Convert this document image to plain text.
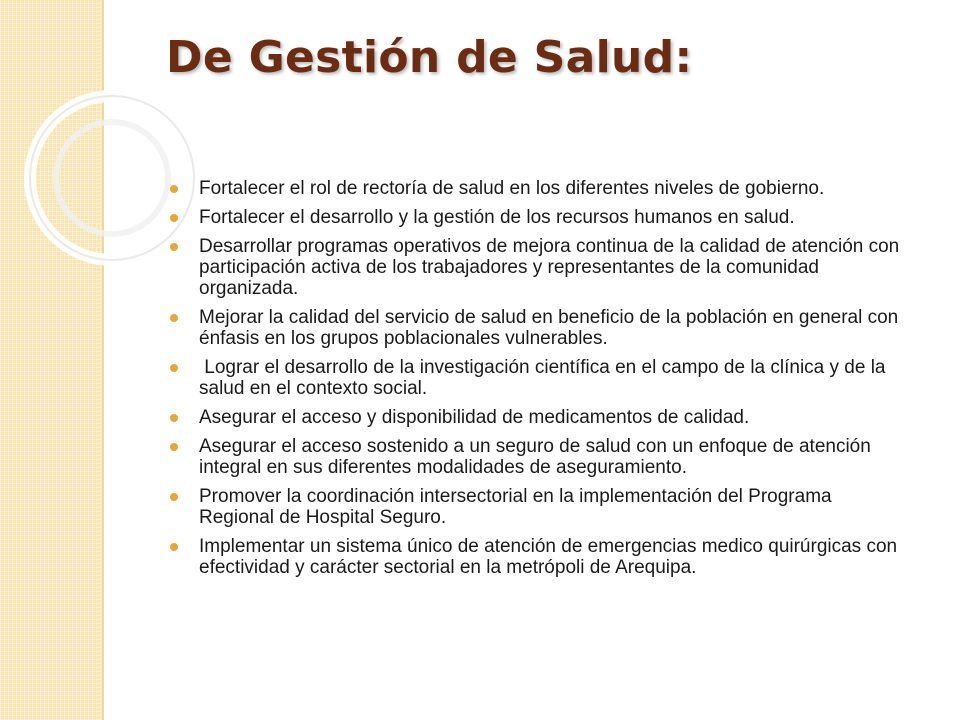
De Gestión de Salud:
Fortalecer el rol de rectoría de salud en los diferentes niveles de gobierno.
Fortalecer el desarrollo y la gestión de los recursos humanos en salud.
Desarrollar programas operativos de mejora continua de la calidad de atención con participación activa de los trabajadores y representantes de la comunidad organizada.
Mejorar la calidad del servicio de salud en beneficio de la población en general con énfasis en los grupos poblacionales vulnerables.
Lograr el desarrollo de la investigación científica en el campo de la clínica y de la salud en el contexto social.
Asegurar el acceso y disponibilidad de medicamentos de calidad.
Asegurar el acceso sostenido a un seguro de salud con un enfoque de atención integral en sus diferentes modalidades de aseguramiento.
Promover la coordinación intersectorial en la implementación del Programa Regional de Hospital Seguro.
Implementar un sistema único de atención de emergencias medico quirúrgicas con efectividad y carácter sectorial en la metrópoli de Arequipa.
